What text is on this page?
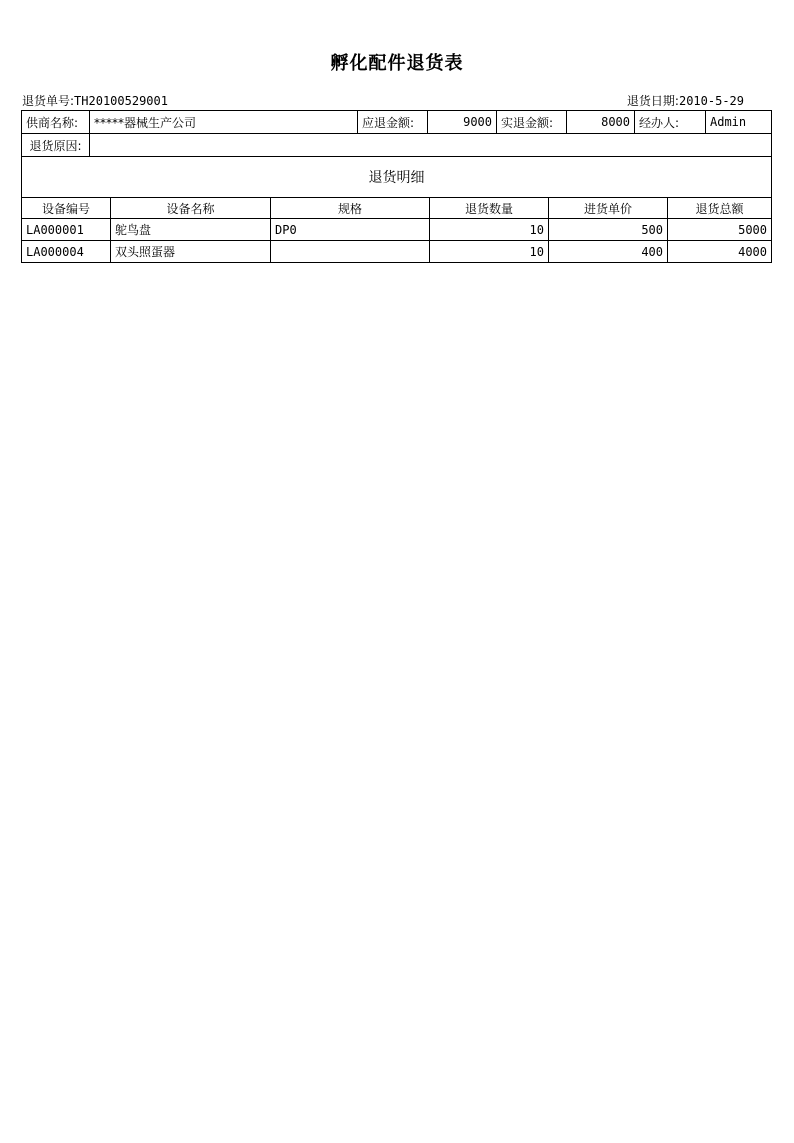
孵化配件退货表
退货单号:TH20100529001	退货日期:2010-5-29
供商名称:	*****器械生产公司	应退金额:	9000	实退金额:	8000	经办人:	Admin
退货原因:							
退货明细							
设备编号	设备名称	规格	退货数量	进货单价	退货总额
LA000001	鸵鸟盘	DP0	10	500	5000
LA000004	双头照蛋器		10	400	4000
